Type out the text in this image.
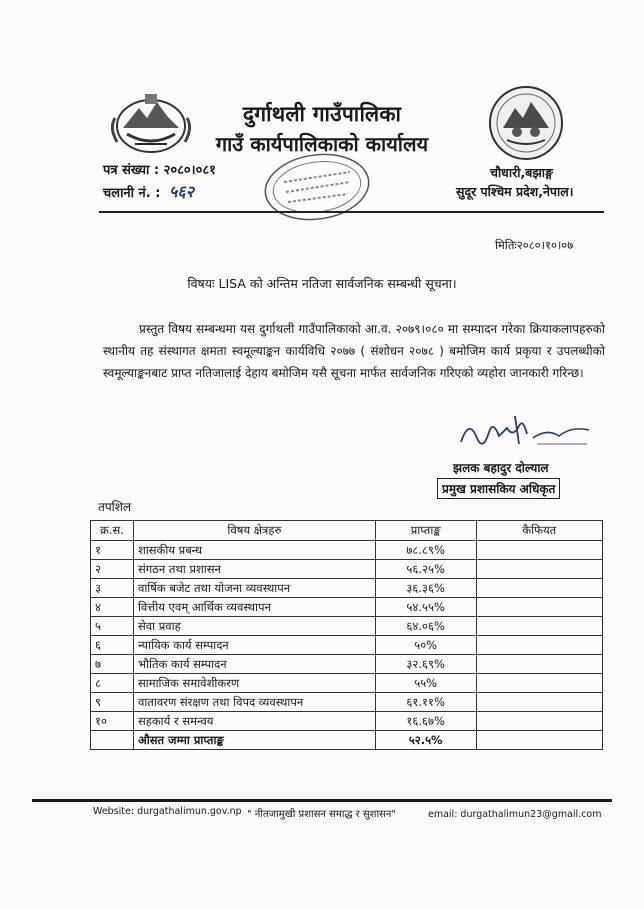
दुर्गाथली गाउँपालिका
गाउँ कार्यपालिकाको कार्यालय
पत्र संख्या : २०८०।०८१
चलानी नं. : ५६२
चौधारी,बझाङ्ग
सुदूर पश्चिम प्रदेश,नेपाल।
मितिः२०८०।१०।०७
विषयः LISA को अन्तिम नतिजा सार्वजनिक सम्बन्धी सूचना।
प्रस्तुत विषय सम्बन्धमा यस दुर्गाथली गाउँपालिकाको आ.व. २०७९।०८० मा सम्पादन गरेका क्रियाकलापहरुको स्थानीय तह संस्थागत क्षमता स्वमूल्याङ्कन कार्यविधि २०७७ ( संशोधन २०७८ ) बमोजिम कार्य प्रकृया र उपलब्धीको स्वमूल्याङ्कनबाट प्राप्त नतिजालाई देहाय बमोजिम यसै सूचना मार्फत सार्वजनिक गरिएको व्यहोरा जानकारी गरिन्छ।
झलक बहादुर दोल्याल
प्रमुख प्रशासकिय अधिकृत
तपशिल
क्र.स.	विषय क्षेत्रहरु	प्राप्ताङ्क	कैफियत
१	शासकीय प्रबन्ध	७८.८९%	
२	संगठन तथा प्रशासन	५६.२५%	
३	वार्षिक बजेट तथा योजना व्यवस्थापन	३६.३६%	
४	वित्तीय एवम् आर्थिक व्यवस्थापन	५४.५५%	
५	सेवा प्रवाह	६४.०६%	
६	न्यायिक कार्य सम्पादन	५०%	
७	भौतिक कार्य सम्पादन	३२.६९%	
८	सामाजिक समावेशीकरण	५५%	
९	वातावरण संरक्षण तथा विपद व्यवस्थापन	६१.११%	
१०	सहकार्य र समन्वय	१६.६७%	
	औसत जम्मा प्राप्ताङ्क	५२.५%	
Website: durgathalimun.gov.np " नीतजामुखी प्रशासन समाद्ध र सुशासन"	email: durgathalimun23@gmail.com
